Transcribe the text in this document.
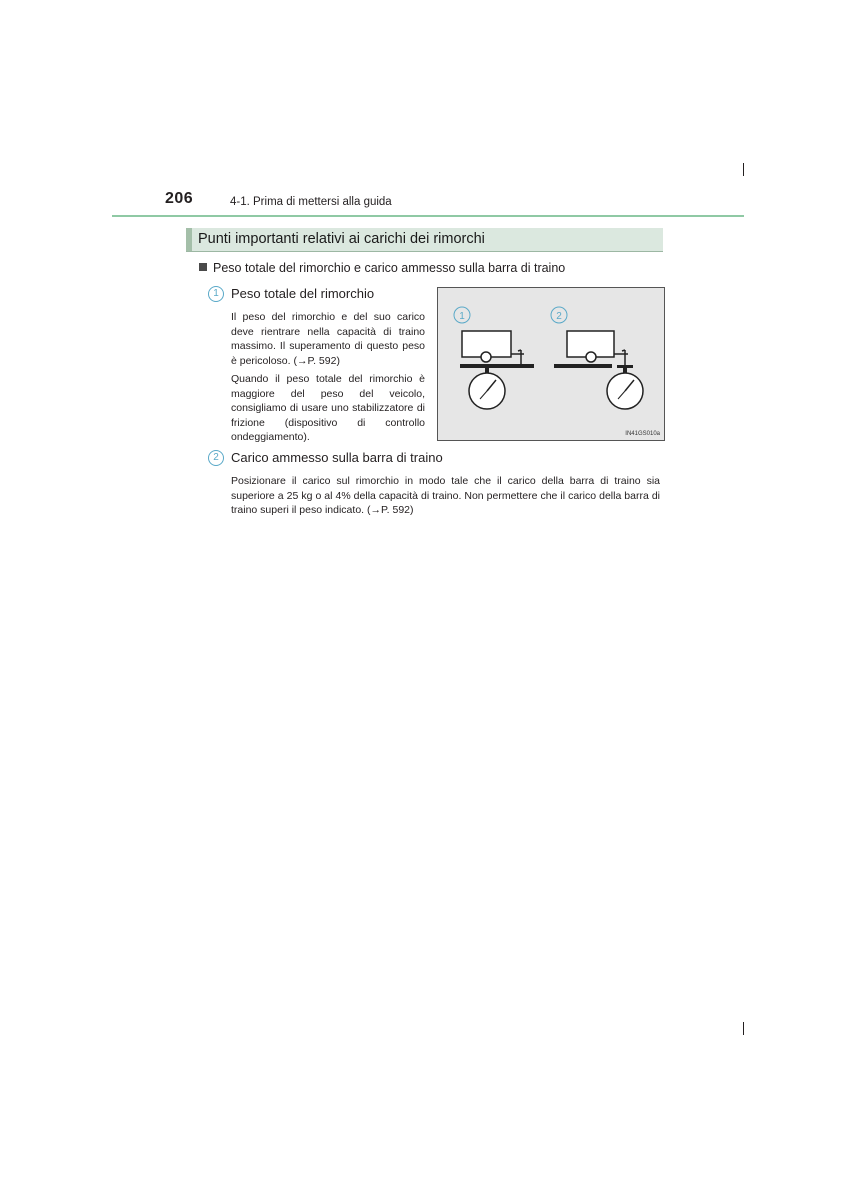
206	4-1. Prima di mettersi alla guida
Punti importanti relativi ai carichi dei rimorchi
Peso totale del rimorchio e carico ammesso sulla barra di traino
1 Peso totale del rimorchio
Il peso del rimorchio e del suo carico deve rientrare nella capacità di traino massimo. Il superamento di questo peso è pericoloso. (→P. 592)
Quando il peso totale del rimorchio è maggiore del peso del veicolo, consigliamo di usare uno stabilizzatore di frizione (dispositivo di controllo ondeggiamento).
1	2
IN41GS010a
2 Carico ammesso sulla barra di traino
Posizionare il carico sul rimorchio in modo tale che il carico della barra di traino sia superiore a 25 kg o al 4% della capacità di traino. Non permettere che il carico della barra di traino superi il peso indicato. (→P. 592)
